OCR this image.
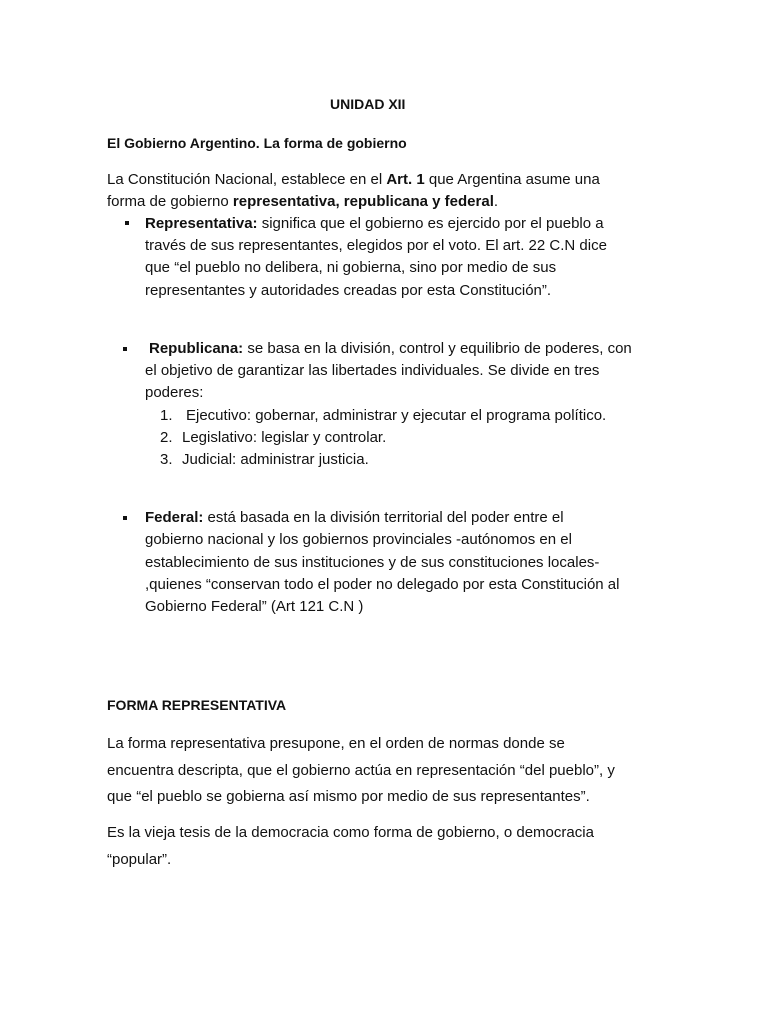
UNIDAD XII
El Gobierno Argentino. La forma de gobierno
La Constitución Nacional, establece en el Art. 1 que Argentina asume una
forma de gobierno representativa, republicana y federal.
Representativa: significa que el gobierno es ejercido por el pueblo a
través de sus representantes, elegidos por el voto. El art. 22 C.N dice
que “el pueblo no delibera, ni gobierna, sino por medio de sus
representantes y autoridades creadas por esta Constitución”.
Republicana: se basa en la división, control y equilibrio de poderes, con
el objetivo de garantizar las libertades individuales. Se divide en tres
poderes:
1. Ejecutivo: gobernar, administrar y ejecutar el programa político.
2. Legislativo: legislar y controlar.
3. Judicial: administrar justicia.
Federal: está basada en la división territorial del poder entre el
gobierno nacional y los gobiernos provinciales -autónomos en el
establecimiento de sus instituciones y de sus constituciones locales-
,quienes “conservan todo el poder no delegado por esta Constitución al
Gobierno Federal” (Art 121 C.N )
FORMA REPRESENTATIVA
La forma representativa presupone, en el orden de normas donde se
encuentra descripta, que el gobierno actúa en representación “del pueblo”, y
que “el pueblo se gobierna así mismo por medio de sus representantes”.
Es la vieja tesis de la democracia como forma de gobierno, o democracia
“popular”.
